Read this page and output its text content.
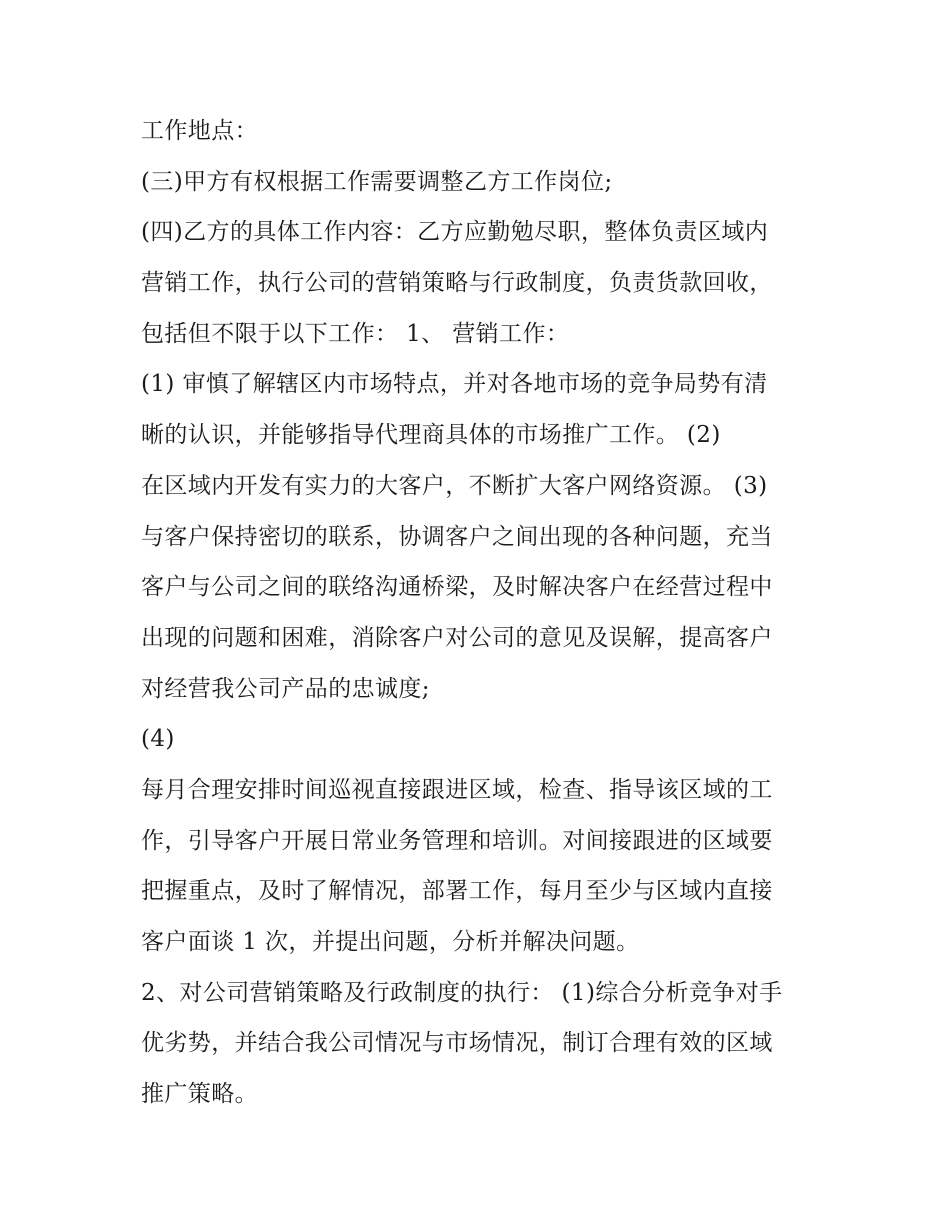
工作地点：
(三)甲方有权根据工作需要调整乙方工作岗位;
(四)乙方的具体工作内容：乙方应勤勉尽职，整体负责区域内
营销工作，执行公司的营销策略与行政制度，负责货款回收，
包括但不限于以下工作： 1、 营销工作：
(1) 审慎了解辖区内市场特点，并对各地市场的竞争局势有清
晰的认识，并能够指导代理商具体的市场推广工作。 (2)
在区域内开发有实力的大客户，不断扩大客户网络资源。 (3)
与客户保持密切的联系，协调客户之间出现的各种问题，充当
客户与公司之间的联络沟通桥梁，及时解决客户在经营过程中
出现的问题和困难，消除客户对公司的意见及误解，提高客户
对经营我公司产品的忠诚度;
(4)
每月合理安排时间巡视直接跟进区域，检查、指导该区域的工
作，引导客户开展日常业务管理和培训。对间接跟进的区域要
把握重点，及时了解情况，部署工作，每月至少与区域内直接
客户面谈 1 次，并提出问题，分析并解决问题。
2、对公司营销策略及行政制度的执行： (1)综合分析竞争对手
优劣势，并结合我公司情况与市场情况，制订合理有效的区域
推广策略。
